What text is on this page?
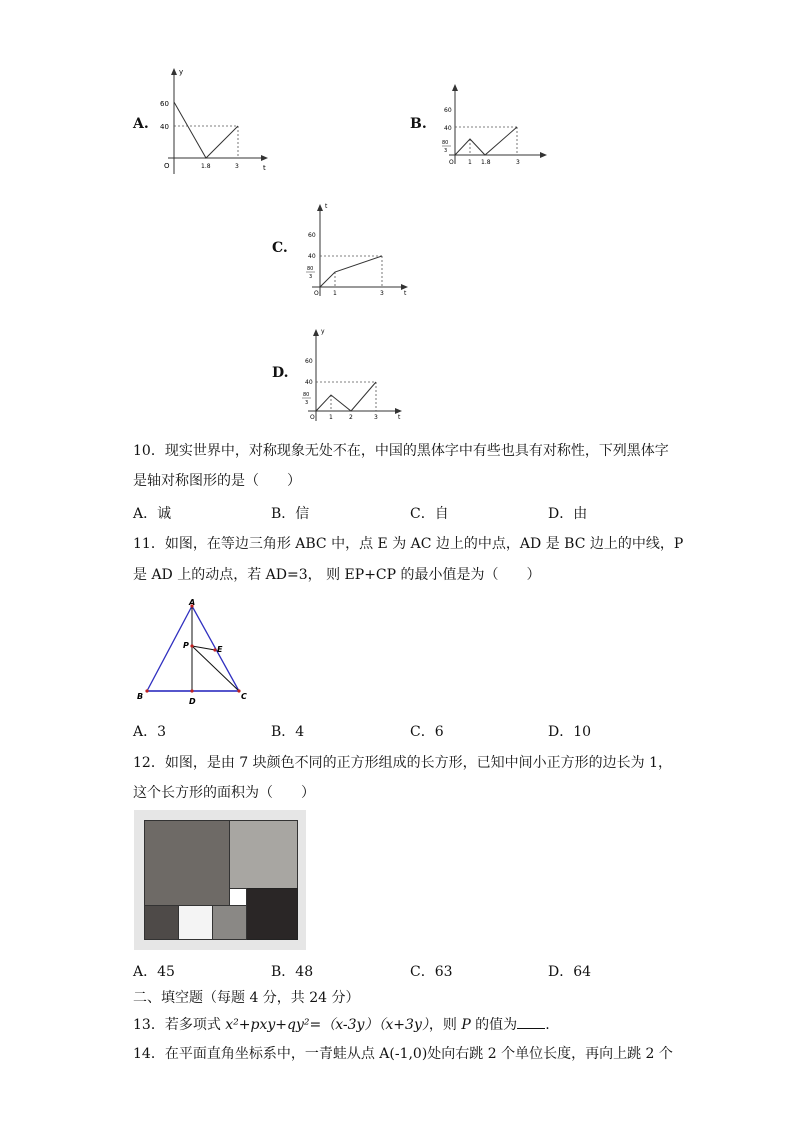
A.
y
t
O
60
40
1.8	3
B.
60
40
80
3
O 1 1.8	3
C.
t
t
60
40
80
3
O 1	3
D.
y
t
60
40
80
3
O 1	2	3
10．现实世界中，对称现象无处不在，中国的黑体字中有些也具有对称性，下列黑体字
是轴对称图形的是（　　）
A．诚	B．信	C．自	D．由
11．如图，在等边三角形 ABC 中，点 E 为 AC 边上的中点，AD 是 BC 边上的中线，P
是 AD 上的动点，若 AD=3， 则 EP+CP 的最小值是为（　　）
A
B	C
D
E
P
A．3	B．4	C．6	D．10
12．如图，是由 7 块颜色不同的正方形组成的长方形，已知中间小正方形的边长为 1，
这个长方形的面积为（　　）
A．45	B．48	C．63	D．64
二、填空题（每题 4 分，共 24 分）
13．若多项式 x²+pxy+qy²=（x-3y）（x+3y），则 P 的值为 .
14．在平面直角坐标系中，一青蛙从点 A(-1,0)处向右跳 2 个单位长度，再向上跳 2 个
